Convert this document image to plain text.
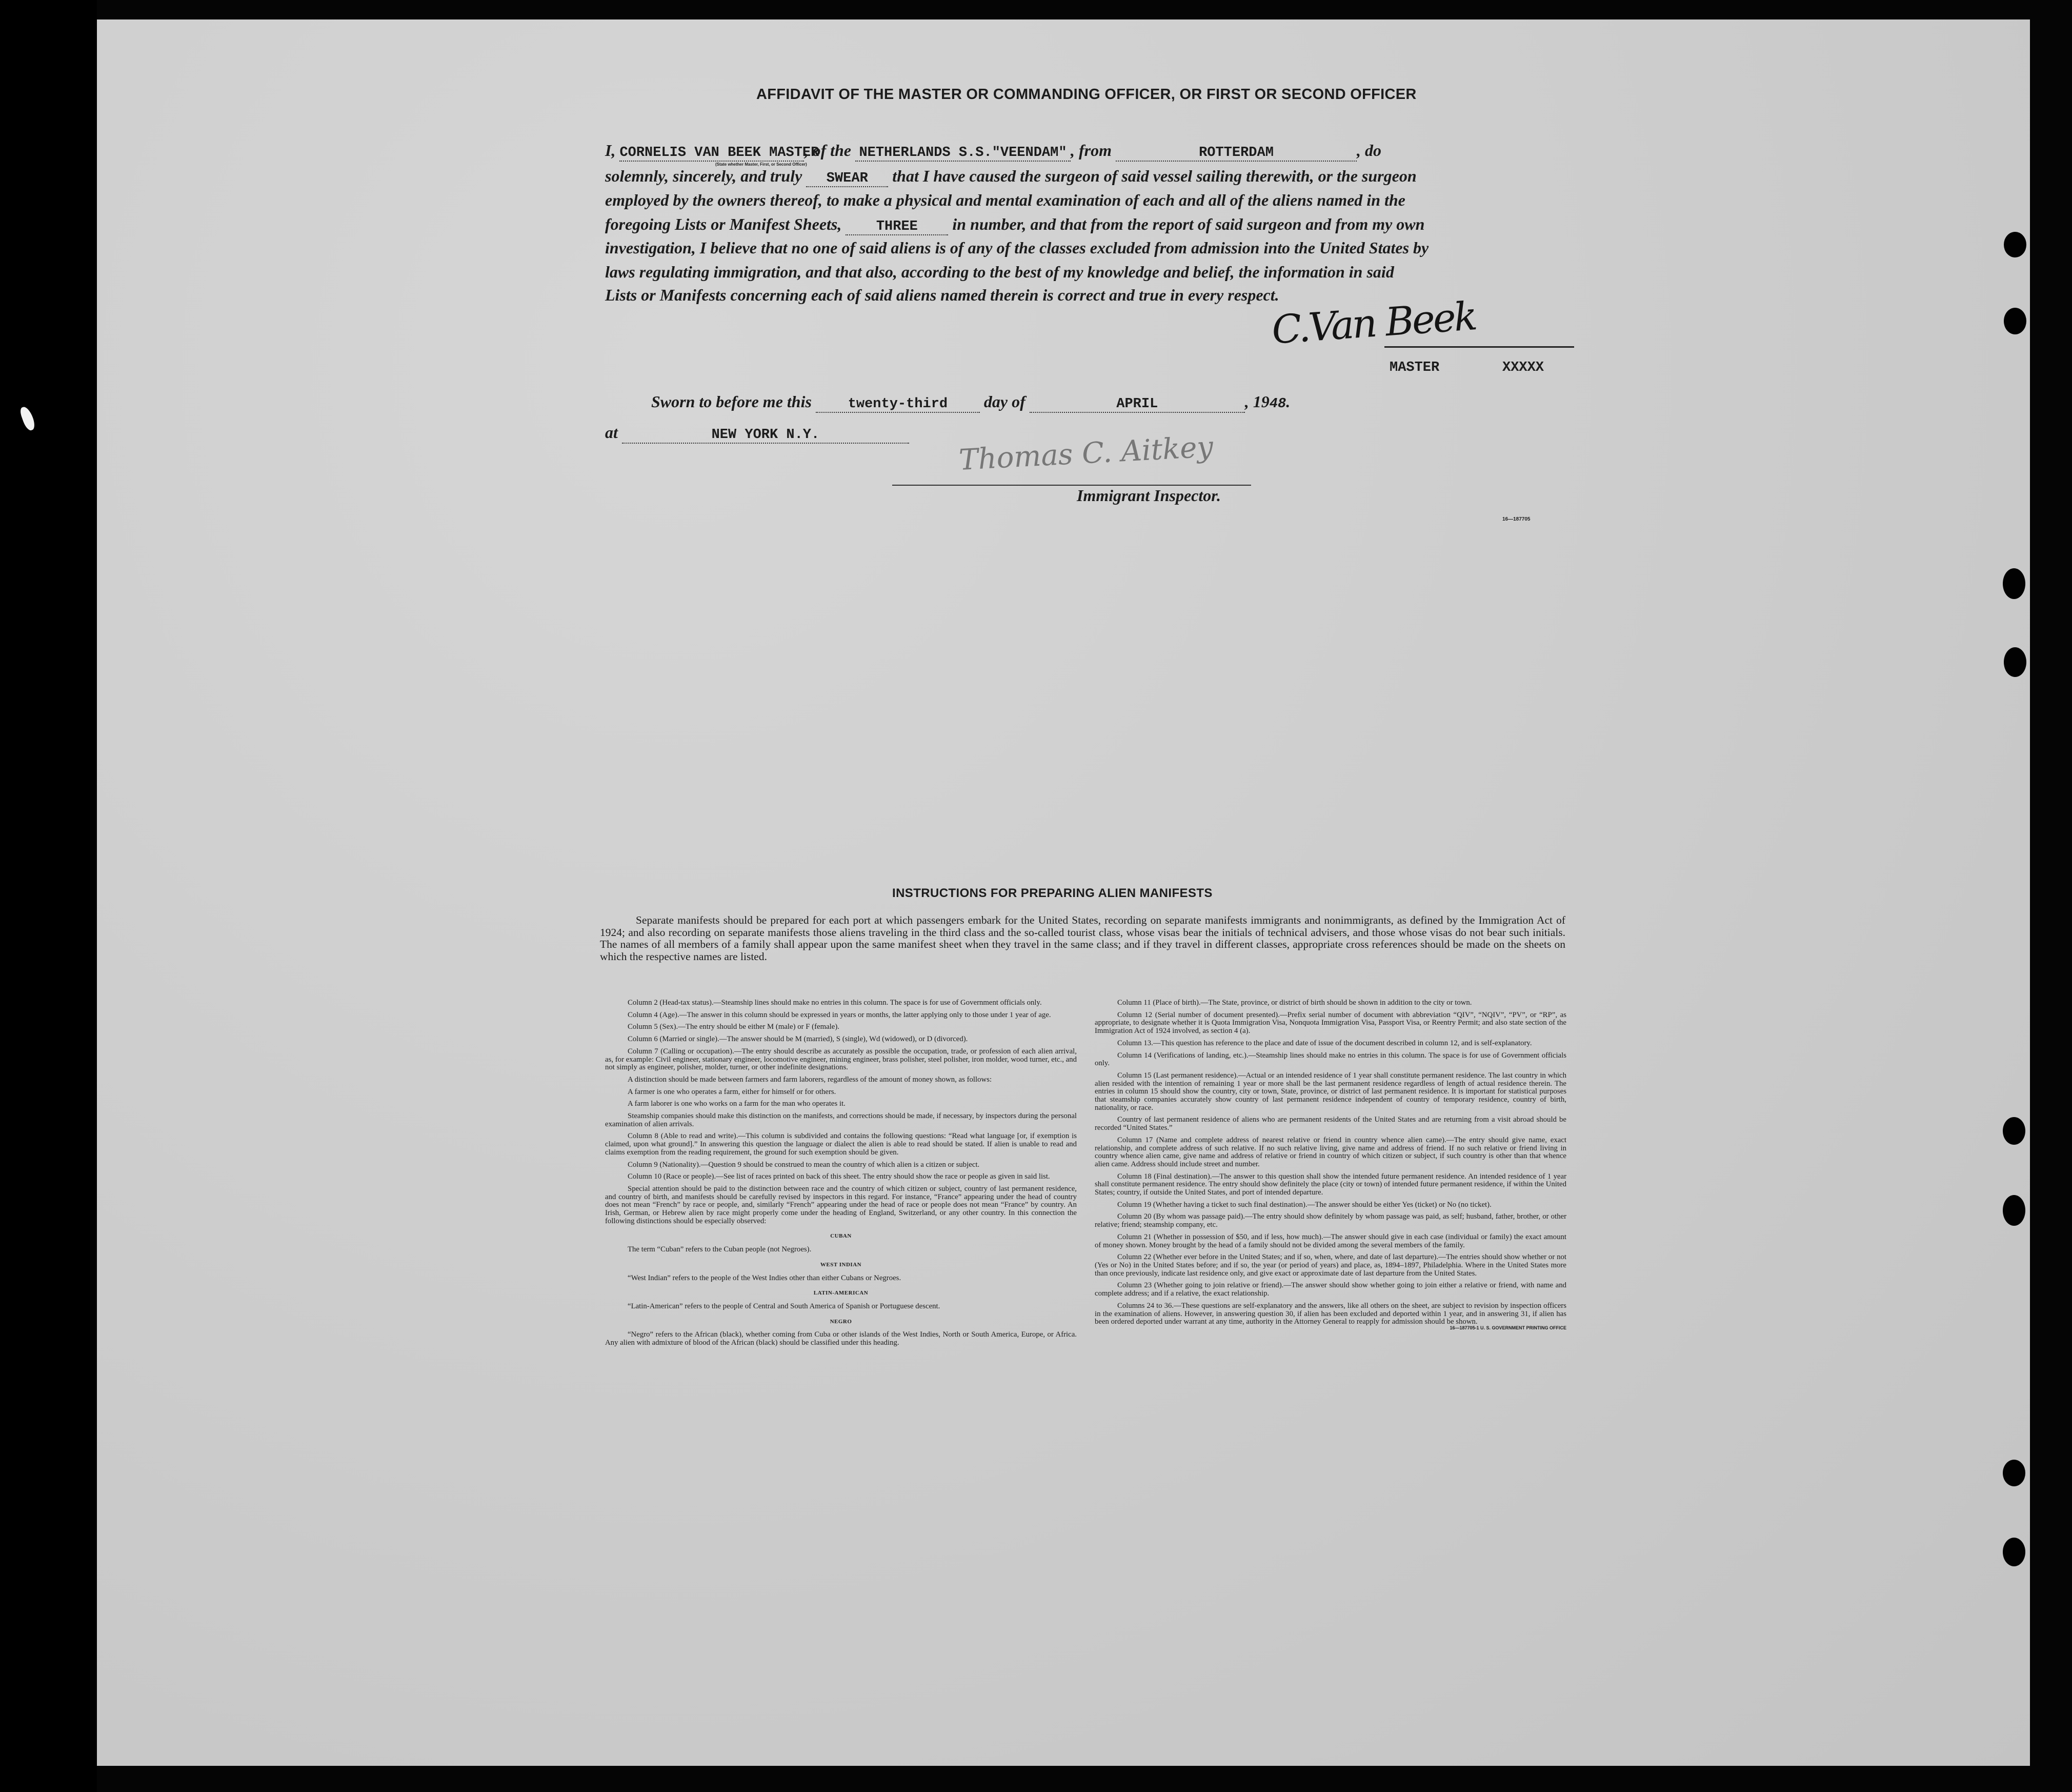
AFFIDAVIT OF THE MASTER OR COMMANDING OFFICER, OR FIRST OR SECOND OFFICER
I, CORNELIS VAN BEEK MASTER, of the NETHERLANDS S.S."VEENDAM" , from	ROTTERDAM	, do
(State whether Master, First, or Second Officer)
solemnly, sincerely, and truly SWEAR that I have caused the surgeon of said vessel sailing therewith, or the surgeon
employed by the owners thereof, to make a physical and mental examination of each and all of the aliens named in the
foregoing Lists or Manifest Sheets, THREE in number, and that from the report of said surgeon and from my own
investigation, I believe that no one of said aliens is of any of the classes excluded from admission into the United States by
laws regulating immigration, and that also, according to the best of my knowledge and belief, the information in said
Lists or Manifests concerning each of said aliens named therein is correct and true in every respect.
C.Van Beek
MASTER	XXXXX
Sworn to before me this	twenty-third day of	APRIL	, 1948.
at	NEW YORK N.Y.	Thomas C. Aitkey
Immigrant Inspector.
16—187705
INSTRUCTIONS FOR PREPARING ALIEN MANIFESTS
Separate manifests should be prepared for each port at which passengers embark for the United States, recording on separate manifests immigrants and nonimmigrants, as defined by the Immigration Act of 1924; and also recording on separate manifests those aliens traveling in the third class and the so-called tourist class, whose visas bear the initials of technical advisers, and those whose visas do not bear such initials. The names of all members of a family shall appear upon the same manifest sheet when they travel in the same class; and if they travel in different classes, appropriate cross references should be made on the sheets on which the respective names are listed.

Column 2 (Head-tax status).—Steamship lines should make no entries in this column. The space is for use of Government officials only.

Column 4 (Age).—The answer in this column should be expressed in years or months, the latter applying only to those under 1 year of age.

Column 5 (Sex).—The entry should be either M (male) or F (female).

Column 6 (Married or single).—The answer should be M (married), S (single), Wd (widowed), or D (divorced).

Column 7 (Calling or occupation).—The entry should describe as accurately as possible the occupation, trade, or profession of each alien arrival, as, for example: Civil engineer, stationary engineer, locomotive engineer, mining engineer, brass polisher, steel polisher, iron molder, wood turner, etc., and not simply as engineer, polisher, molder, turner, or other indefinite designations.

A distinction should be made between farmers and farm laborers, regardless of the amount of money shown, as follows:

A farmer is one who operates a farm, either for himself or for others.

A farm laborer is one who works on a farm for the man who operates it.

Steamship companies should make this distinction on the manifests, and corrections should be made, if necessary, by inspectors during the personal examination of alien arrivals.

Column 8 (Able to read and write).—This column is subdivided and contains the following questions: “Read what language [or, if exemption is claimed, upon what ground].” In answering this question the language or dialect the alien is able to read should be stated. If alien is unable to read and claims exemption from the reading requirement, the ground for such exemption should be given.

Column 9 (Nationality).—Question 9 should be construed to mean the country of which alien is a citizen or subject.

Column 10 (Race or people).—See list of races printed on back of this sheet. The entry should show the race or people as given in said list.

Special attention should be paid to the distinction between race and the country of which citizen or subject, country of last permanent residence, and country of birth, and manifests should be carefully revised by inspectors in this regard. For instance, “France” appearing under the head of country does not mean “French” by race or people, and, similarly “French” appearing under the head of race or people does not mean “France” by country. An Irish, German, or Hebrew alien by race might properly come under the heading of England, Switzerland, or any other country. In this connection the following distinctions should be especially observed:

CUBAN

The term “Cuban” refers to the Cuban people (not Negroes).

WEST INDIAN

“West Indian” refers to the people of the West Indies other than either Cubans or Negroes.

LATIN-AMERICAN

“Latin-American” refers to the people of Central and South America of Spanish or Portuguese descent.

NEGRO

“Negro” refers to the African (black), whether coming from Cuba or other islands of the West Indies, North or South America, Europe, or Africa. Any alien with admixture of blood of the African (black) should be classified under this heading.

Column 11 (Place of birth).—The State, province, or district of birth should be shown in addition to the city or town.

Column 12 (Serial number of document presented).—Prefix serial number of document with abbreviation “QIV”, “NQIV”, “PV”, or “RP”, as appropriate, to designate whether it is Quota Immigration Visa, Nonquota Immigration Visa, Passport Visa, or Reentry Permit; and also state section of the Immigration Act of 1924 involved, as section 4 (a).

Column 13.—This question has reference to the place and date of issue of the document described in column 12, and is self-explanatory.

Column 14 (Verifications of landing, etc.).—Steamship lines should make no entries in this column. The space is for use of Government officials only.

Column 15 (Last permanent residence).—Actual or an intended residence of 1 year shall constitute permanent residence. The last country in which alien resided with the intention of remaining 1 year or more shall be the last permanent residence regardless of length of actual residence therein. The entries in column 15 should show the country, city or town, State, province, or district of last permanent residence. It is important for statistical purposes that steamship companies accurately show country of last permanent residence independent of country of temporary residence, country of birth, nationality, or race.

Country of last permanent residence of aliens who are permanent residents of the United States and are returning from a visit abroad should be recorded “United States.”

Column 17 (Name and complete address of nearest relative or friend in country whence alien came).—The entry should give name, exact relationship, and complete address of such relative. If no such relative living, give name and address of friend. If no such relative or friend living in country whence alien came, give name and address of relative or friend in country of which citizen or subject, if such country is other than that whence alien came. Address should include street and number.

Column 18 (Final destination).—The answer to this question shall show the intended future permanent residence. An intended residence of 1 year shall constitute permanent residence. The entry should show definitely the place (city or town) of intended future permanent residence, if within the United States; country, if outside the United States, and port of intended departure.

Column 19 (Whether having a ticket to such final destination).—The answer should be either Yes (ticket) or No (no ticket).

Column 20 (By whom was passage paid).—The entry should show definitely by whom passage was paid, as self; husband, father, brother, or other relative; friend; steamship company, etc.

Column 21 (Whether in possession of $50, and if less, how much).—The answer should give in each case (individual or family) the exact amount of money shown. Money brought by the head of a family should not be divided among the several members of the family.

Column 22 (Whether ever before in the United States; and if so, when, where, and date of last departure).—The entries should show whether or not (Yes or No) in the United States before; and if so, the year (or period of years) and place, as, 1894–1897, Philadelphia. Where in the United States more than once previously, indicate last residence only, and give exact or approximate date of last departure from the United States.

Column 23 (Whether going to join relative or friend).—The answer should show whether going to join either a relative or friend, with name and complete address; and if a relative, the exact relationship.

Columns 24 to 36.—These questions are self-explanatory and the answers, like all others on the sheet, are subject to revision by inspection officers in the examination of aliens. However, in answering question 30, if alien has been excluded and deported within 1 year, and in answering 31, if alien has been ordered deported under warrant at any time, authority in the Attorney General to reapply for admission should be shown.

16—187705-1 U. S. GOVERNMENT PRINTING OFFICE
